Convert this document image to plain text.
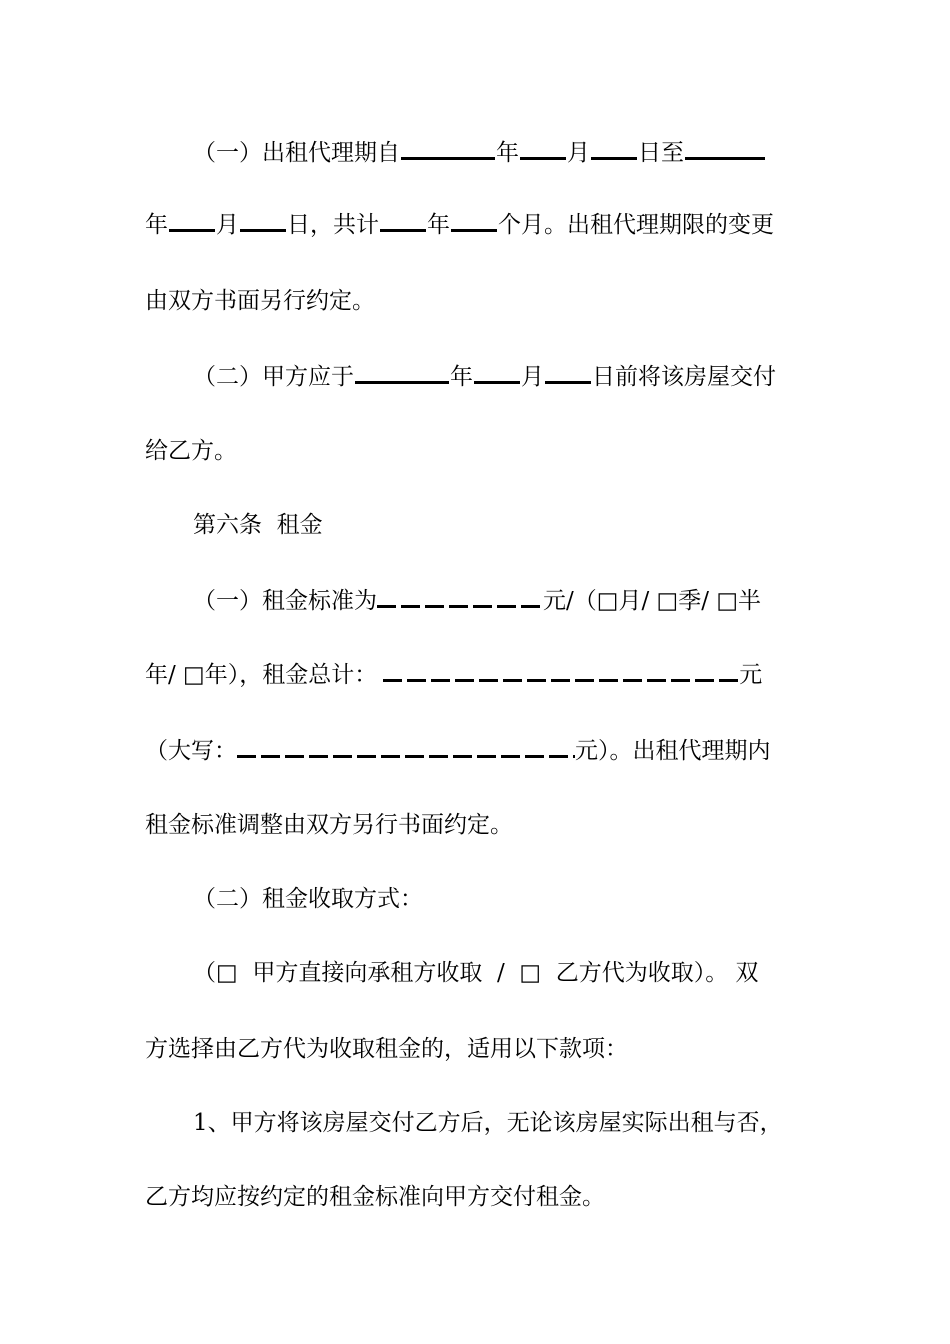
（一）出租代理期自	年 月 日至
年 月 日，共计 年 个月。出租代理期限的变更
由双方书面另行约定。
（二）甲方应于	年 月 日前将该房屋交付
给乙方。
第六条  租金
（一）租金标准为	元/（□月/ □季/ □半
年/ □年），租金总计：	元
（大写：	元）。出租代理期内
租金标准调整由双方另行书面约定。
（二）租金收取方式：
（□  甲方直接向承租方收取  /  □  乙方代为收取）。 双
方选择由乙方代为收取租金的，适用以下款项：
1、甲方将该房屋交付乙方后，无论该房屋实际出租与否，
乙方均应按约定的租金标准向甲方交付租金。
